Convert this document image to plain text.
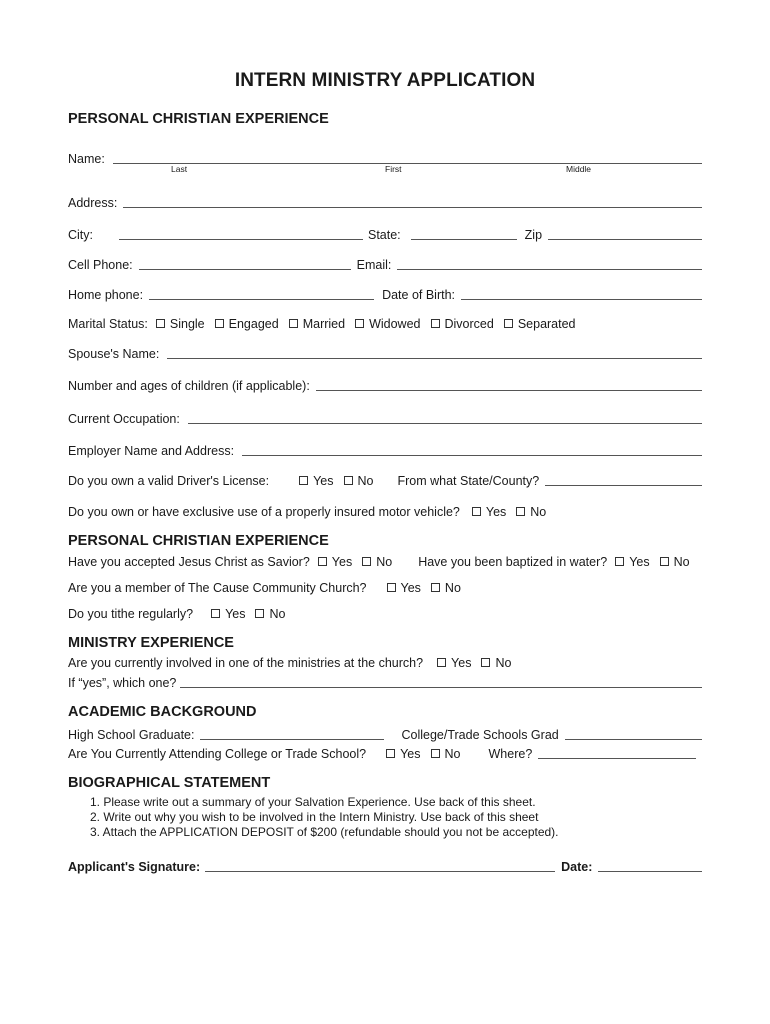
INTERN MINISTRY APPLICATION
PERSONAL CHRISTIAN EXPERIENCE
Name:
Last	First	Middle
Address:
City:	State:	Zip
Cell Phone:	Email:
Home phone:	Date of Birth:
Marital Status: Single Engaged Married Widowed Divorced Separated
Spouse's Name:
Number and ages of children (if applicable):
Current Occupation:
Employer Name and Address:
Do you own a valid Driver's License:	Yes No From what State/County?
Do you own or have exclusive use of a properly insured motor vehicle? Yes No
PERSONAL CHRISTIAN EXPERIENCE
Have you accepted Jesus Christ as Savior? Yes No Have you been baptized in water? Yes No
Are you a member of The Cause Community Church?	Yes No
Do you tithe regularly?	Yes No
MINISTRY EXPERIENCE
Are you currently involved in one of the ministries at the church? Yes No
If “yes”, which one?
ACADEMIC BACKGROUND
High School Graduate:	College/Trade Schools Grad
Are You Currently Attending College or Trade School?	Yes No Where?
BIOGRAPHICAL STATEMENT
1. Please write out a summary of your Salvation Experience. Use back of this sheet.
2. Write out why you wish to be involved in the Intern Ministry. Use back of this sheet
3. Attach the APPLICATION DEPOSIT of $200 (refundable should you not be accepted).
Applicant's Signature:	Date:
